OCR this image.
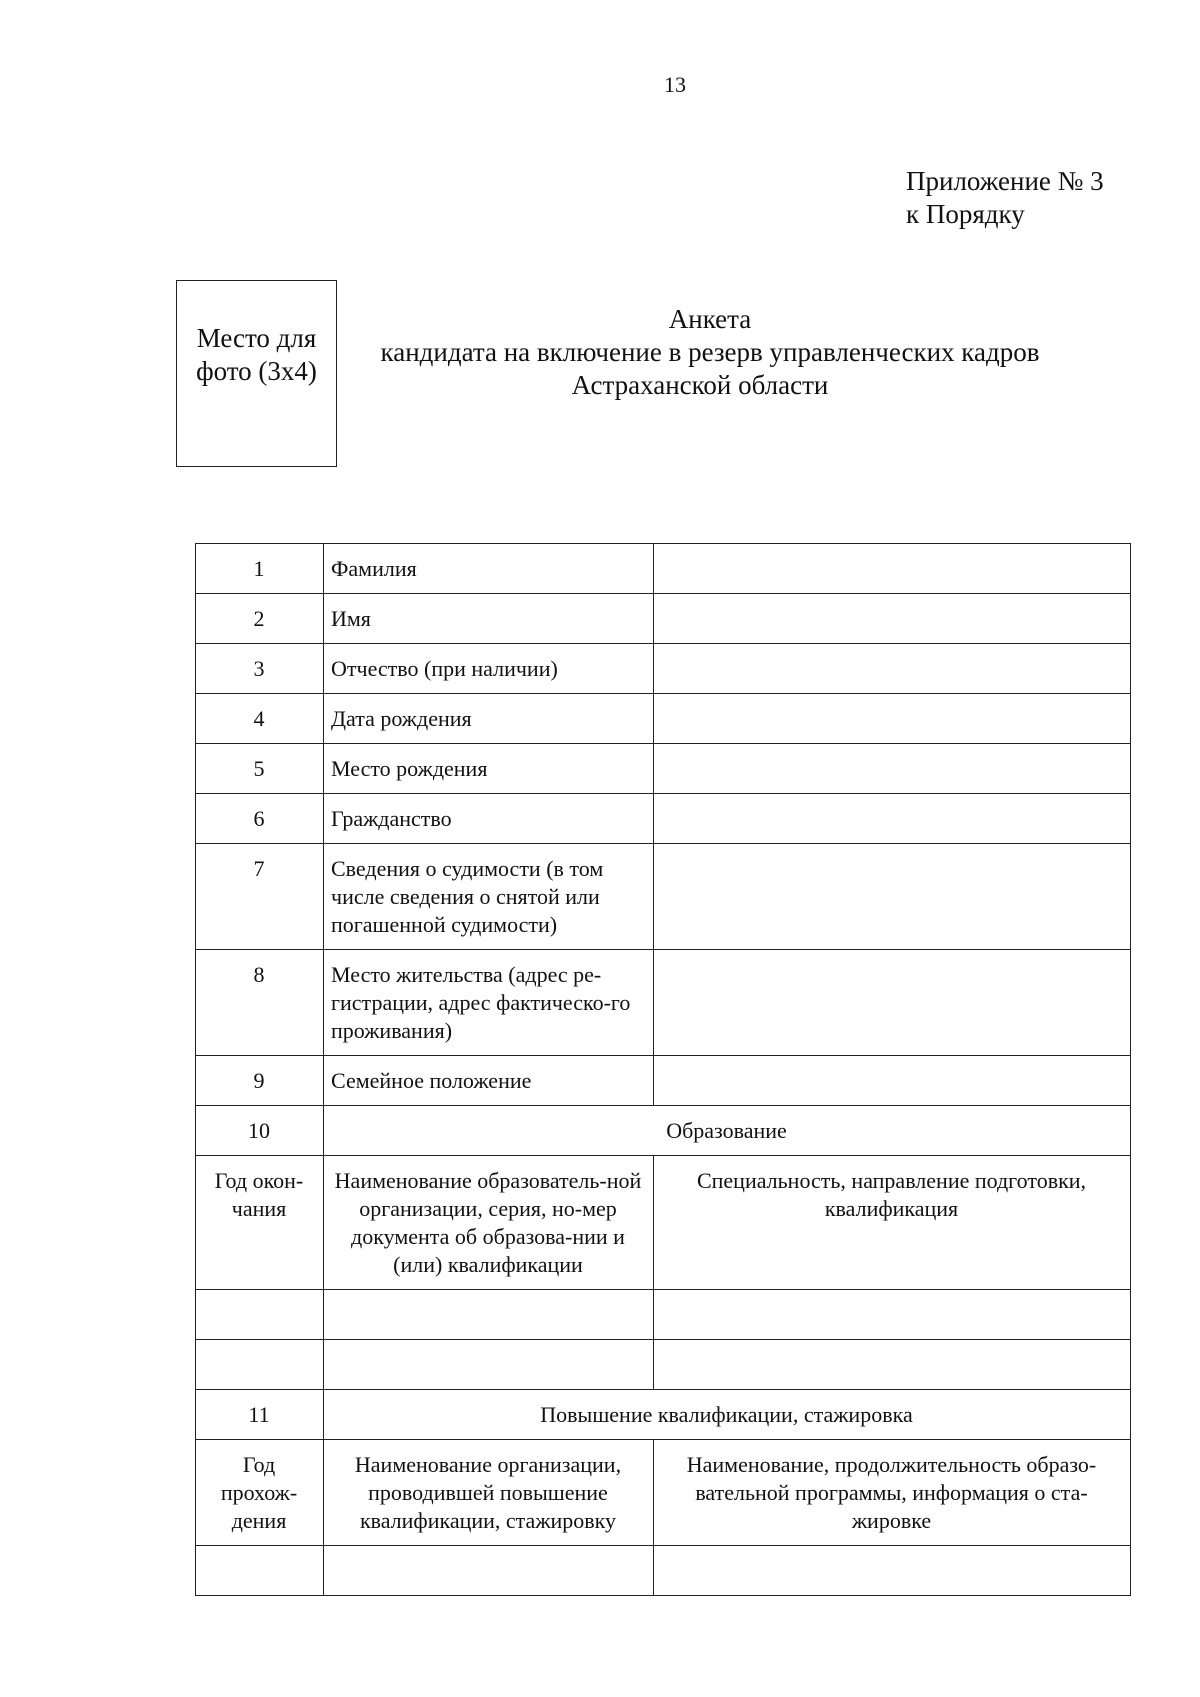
13
Приложение № 3
к Порядку
Место для
фото (3х4)
Анкета
кандидата на включение в резерв управленческих кадров
Астраханской области
1	Фамилия	
2	Имя	
3	Отчество (при наличии)	
4	Дата рождения	
5	Место рождения	
6	Гражданство	
7	Сведения о судимости (в том числе сведения о снятой или погашенной судимости)	
8	Место жительства (адрес ре-гистрации, адрес фактическо-го проживания)	
9	Семейное положение	
10	Образование	
Год окон-чания	Наименование образователь-ной организации, серия, но-мер документа об образова-нии и (или) квалификации	Специальность, направление подготовки, квалификация

11	Повышение квалификации, стажировка	
Год прохож-дения	Наименование организации, проводившей повышение квалификации, стажировку	Наименование, продолжительность образо-вательной программы, информация о ста-жировке
